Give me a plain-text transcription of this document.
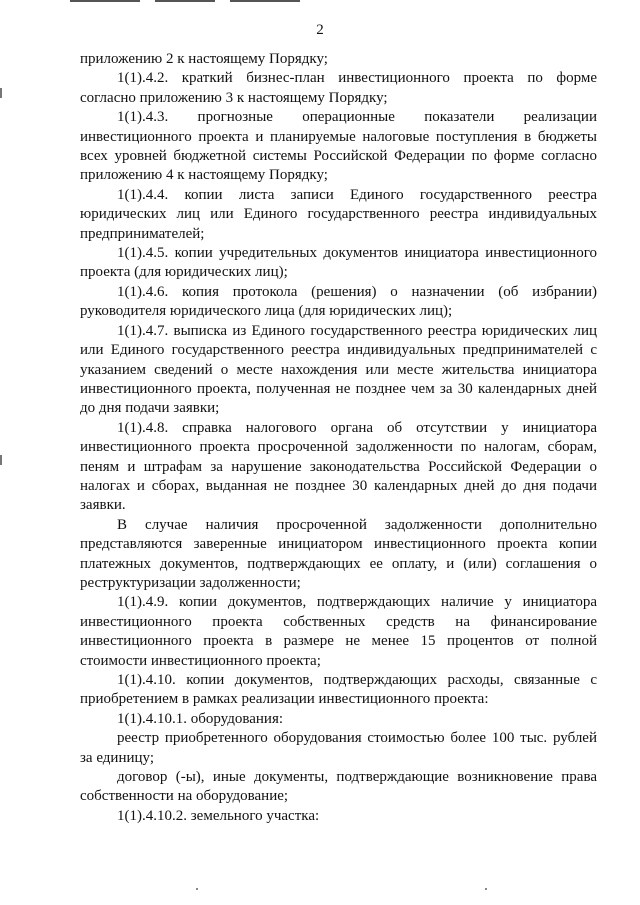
2

приложению 2 к настоящему Порядку;

1(1).4.2. краткий бизнес-план инвестиционного проекта по форме согласно приложению 3 к настоящему Порядку;

1(1).4.3. прогнозные операционные показатели реализации инвестиционного проекта и планируемые налоговые поступления в бюджеты всех уровней бюджетной системы Российской Федерации по форме согласно приложению 4 к настоящему Порядку;

1(1).4.4. копии листа записи Единого государственного реестра юридических лиц или Единого государственного реестра индивидуальных предпринимателей;

1(1).4.5. копии учредительных документов инициатора инвестиционного проекта (для юридических лиц);

1(1).4.6. копия протокола (решения) о назначении (об избрании) руководителя юридического лица (для юридических лиц);

1(1).4.7. выписка из Единого государственного реестра юридических лиц или Единого государственного реестра индивидуальных предпринимателей с указанием сведений о месте нахождения или месте жительства инициатора инвестиционного проекта, полученная не позднее чем за 30 календарных дней до дня подачи заявки;

1(1).4.8. справка налогового органа об отсутствии у инициатора инвестиционного проекта просроченной задолженности по налогам, сборам, пеням и штрафам за нарушение законодательства Российской Федерации о налогах и сборах, выданная не позднее 30 календарных дней до дня подачи заявки.

В случае наличия просроченной задолженности дополнительно представляются заверенные инициатором инвестиционного проекта копии платежных документов, подтверждающих ее оплату, и (или) соглашения о реструктуризации задолженности;

1(1).4.9. копии документов, подтверждающих наличие у инициатора инвестиционного проекта собственных средств на финансирование инвестиционного проекта в размере не менее 15 процентов от полной стоимости инвестиционного проекта;

1(1).4.10. копии документов, подтверждающих расходы, связанные с приобретением в рамках реализации инвестиционного проекта:

1(1).4.10.1. оборудования:

реестр приобретенного оборудования стоимостью более 100 тыс. рублей за единицу;

договор (-ы), иные документы, подтверждающие возникновение права собственности на оборудование;

1(1).4.10.2. земельного участка:
